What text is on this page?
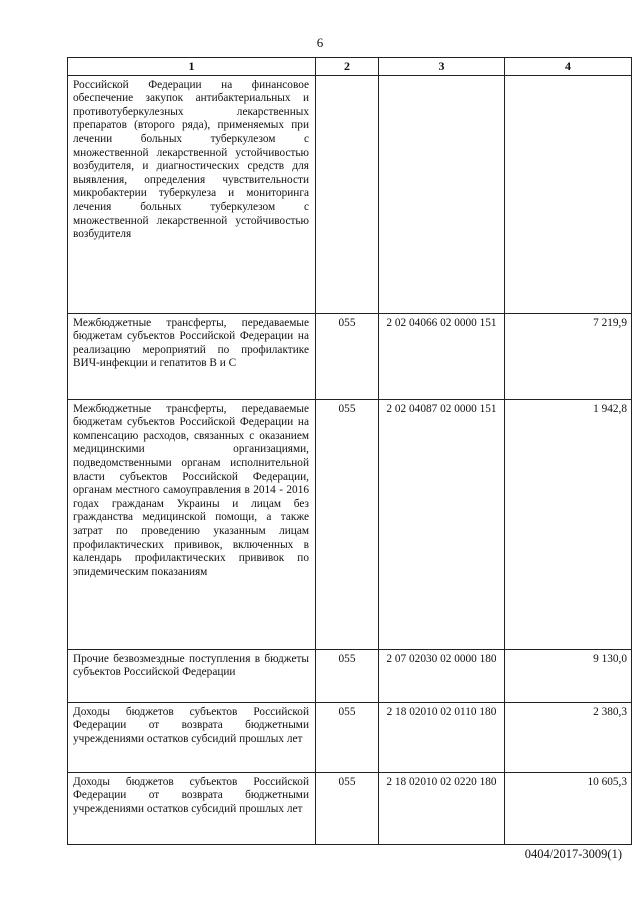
6
1	2	3	4
Российской Федерации на финансовое обеспечение закупок антибактериальных и противотуберкулезных лекарственных препаратов (второго ряда), применяемых при лечении больных туберкулезом с множественной лекарственной устойчивостью возбудителя, и диагностических средств для выявления, определения чувствительности микробактерии туберкулеза и мониторинга лечения больных туберкулезом с множественной лекарственной устойчивостью возбудителя			
Межбюджетные трансферты, передаваемые бюджетам субъектов Российской Федерации на реализацию мероприятий по профилактике ВИЧ-инфекции и гепатитов В и С	055	2 02 04066 02 0000 151	7 219,9
Межбюджетные трансферты, передаваемые бюджетам субъектов Российской Федерации на компенсацию расходов, связанных с оказанием медицинскими организациями, подведомственными органам исполнительной власти субъектов Российской Федерации, органам местного самоуправления в 2014 - 2016 годах гражданам Украины и лицам без гражданства медицинской помощи, а также затрат по проведению указанным лицам профилактических прививок, включенных в календарь профилактических прививок по эпидемическим показаниям	055	2 02 04087 02 0000 151	1 942,8
Прочие безвозмездные поступления в бюджеты субъектов Российской Федерации	055	2 07 02030 02 0000 180	9 130,0
Доходы бюджетов субъектов Российской Федерации от возврата бюджетными учреждениями остатков субсидий прошлых лет	055	2 18 02010 02 0110 180	2 380,3
Доходы бюджетов субъектов Российской Федерации от возврата бюджетными учреждениями остатков субсидий прошлых лет	055	2 18 02010 02 0220 180	10 605,3
0404/2017-3009(1)
